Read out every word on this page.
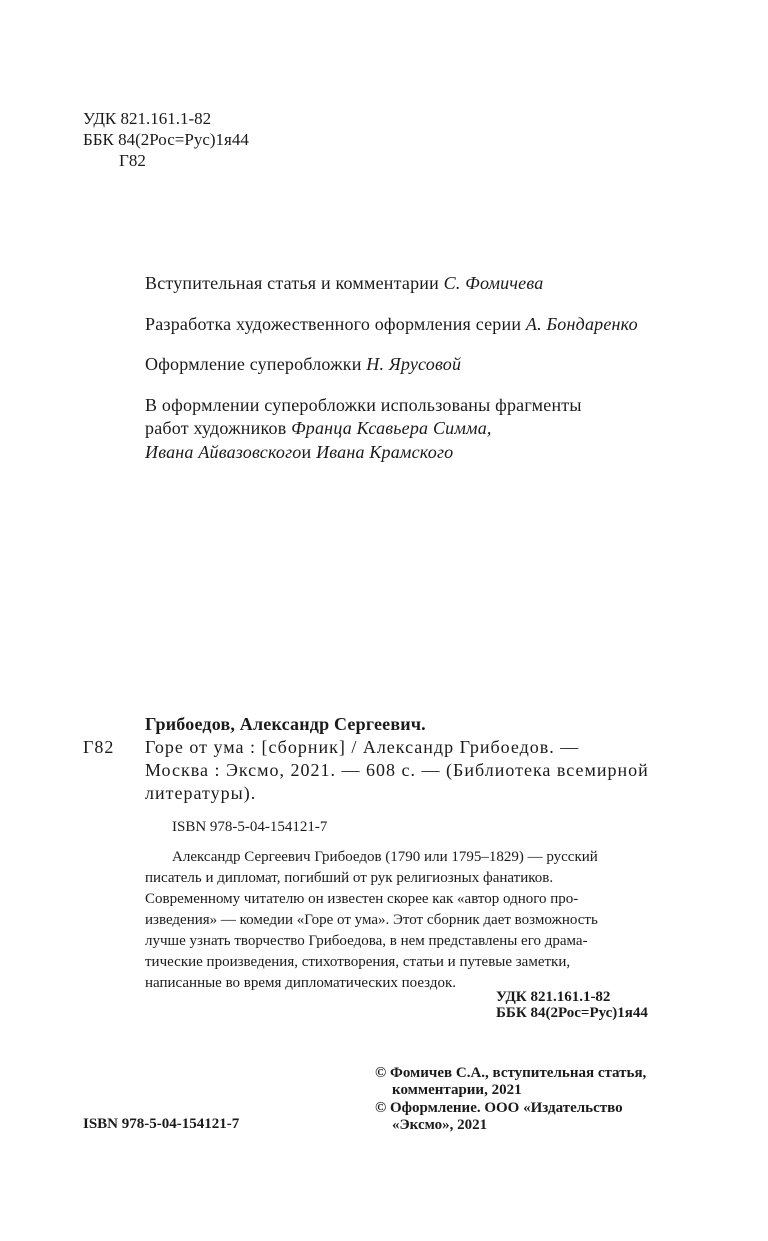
УДК 821.161.1-82
ББК 84(2Рос=Рус)1я44
Г82
Вступительная статья и комментарии С. Фомичева
Разработка художественного оформления серии А. Бондаренко
Оформление суперобложки Н. Ярусовой
В оформлении суперобложки использованы фрагменты
работ художников Франца Ксавьера Симма,
Ивана Айвазовскогои Ивана Крамского
Грибоедов, Александр Сергеевич.
Г82 Горе от ума : [сборник] / Александр Грибоедов. —
Москва : Эксмо, 2021. — 608 с. — (Библиотека всемирной
литературы).
ISBN 978-5-04-154121-7
Александр Сергеевич Грибоедов (1790 или 1795–1829) — русский
писатель и дипломат, погибший от рук религиозных фанатиков.
Современному читателю он известен скорее как «автор одного про-
изведения» — комедии «Горе от ума». Этот сборник дает возможность
лучше узнать творчество Грибоедова, в нем представлены его драма-
тические произведения, стихотворения, статьи и путевые заметки,
написанные во время дипломатических поездок.
УДК 821.161.1-82
ББК 84(2Рос=Рус)1я44
ISBN 978-5-04-154121-7
© Фомичев С.А., вступительная статья,
комментарии, 2021
© Оформление. ООО «Издательство
«Эксмо», 2021
